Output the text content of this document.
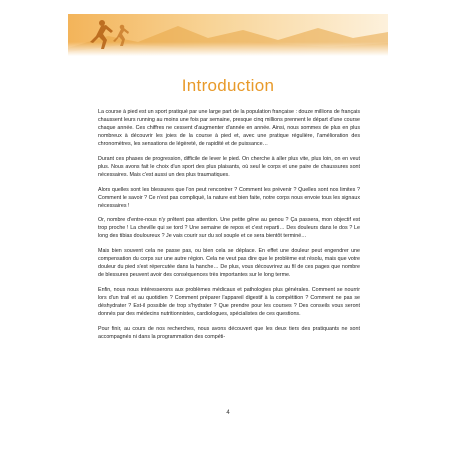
Introduction

La course à pied est un sport pratiqué par une large part de la population française : douze millions de français chaussent leurs running au moins une fois par semaine, presque cinq millions prennent le départ d'une course chaque année. Ces chiffres ne cessent d'augmenter d'année en année. Ainsi, nous sommes de plus en plus nombreux à découvrir les joies de la course à pied et, avec une pratique régulière, l'amélioration des chronomètres, les sensations de légèreté, de rapidité et de puissance…

Durant ces phases de progression, difficile de lever le pied. On cherche à aller plus vite, plus loin, on en veut plus. Nous avons fait le choix d'un sport des plus plaisants, où seul le corps et une paire de chaussures sont nécessaires. Mais c'est aussi un des plus traumatiques.

Alors quelles sont les blessures que l'on peut rencontrer ? Comment les prévenir ? Quelles sont nos limites ? Comment le savoir ? Ce n'est pas compliqué, la nature est bien faite, notre corps nous envoie tous les signaux nécessaires !

Or, nombre d'entre-nous n'y prêtent pas attention. Une petite gêne au genou ? Ça passera, mon objectif est trop proche ! La cheville qui se tord ? Une semaine de repos et c'est reparti… Des douleurs dans le dos ? Le long des tibias douloureux ? Je vais courir sur du sol souple et ce sera bientôt terminé…

Mais bien souvent cela ne passe pas, ou bien cela se déplace. En effet une douleur peut engendrer une compensation du corps sur une autre région. Cela ne veut pas dire que le problème est résolu, mais que votre douleur du pied s'est répercutée dans la hanche… De plus, vous découvrirez au fil de ces pages que nombre de blessures peuvent avoir des conséquences très importantes sur le long terme.

Enfin, nous nous intéresserons aux problèmes médicaux et pathologies plus générales. Comment se nourrir lors d'un trail et au quotidien ? Comment préparer l'appareil digestif à la compétition ? Comment ne pas se déshydrater ? Est-il possible de trop s'hydrater ? Que prendre pour les courses ? Des conseils vous seront donnés par des médecins nutritionnistes, cardiologues, spécialistes de ces questions.

Pour finir, au cours de nos recherches, nous avons découvert que les deux tiers des pratiquants ne sont accompagnés ni dans la programmation des compéti-

4
